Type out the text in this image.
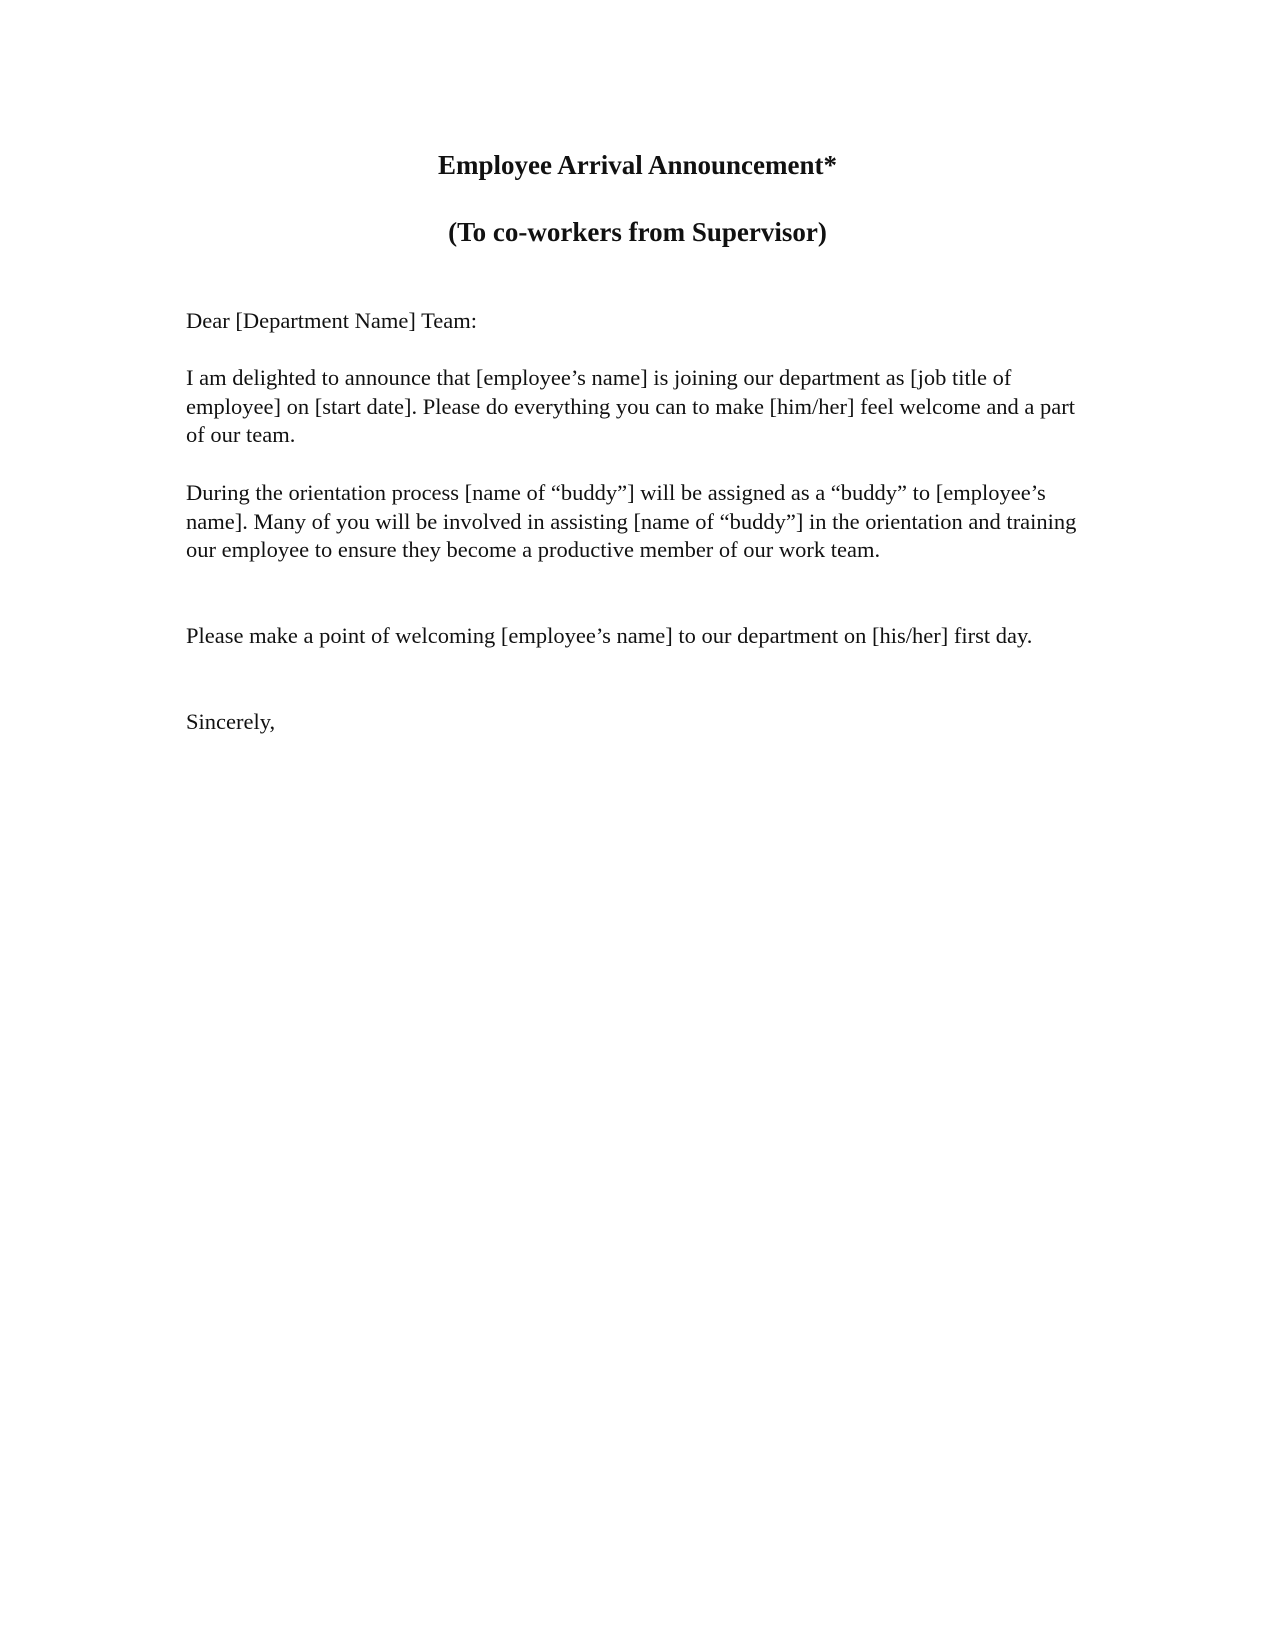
Employee Arrival Announcement*
(To co-workers from Supervisor)

Dear [Department Name] Team:

I am delighted to announce that [employee’s name] is joining our department as [job title of employee] on [start date]. Please do everything you can to make [him/her] feel welcome and a part of our team.

During the orientation process [name of “buddy”] will be assigned as a “buddy” to [employee’s name]. Many of you will be involved in assisting [name of “buddy”] in the orientation and training our employee to ensure they become a productive member of our work team.

Please make a point of welcoming [employee’s name] to our department on [his/her] first day.

Sincerely,
